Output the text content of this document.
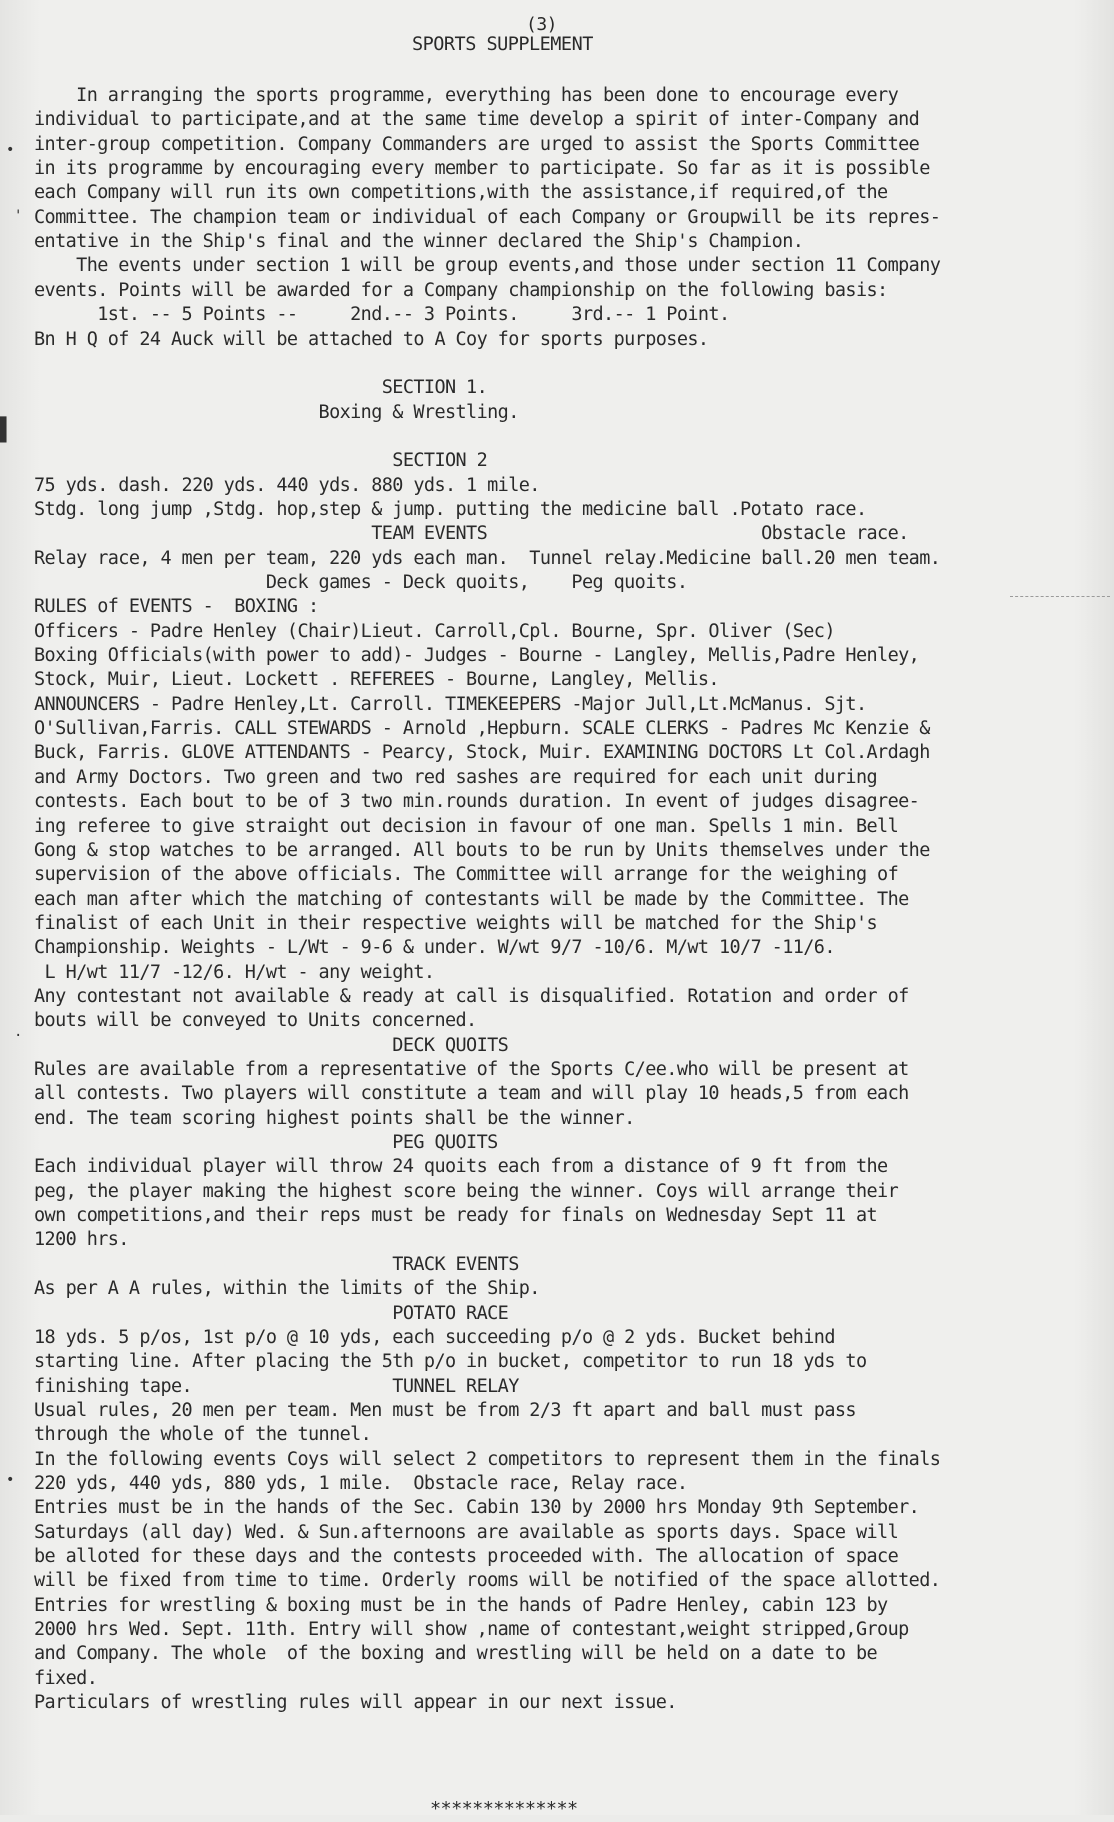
(3)
SPORTS SUPPLEMENT
In arranging the sports programme, everything has been done to encourage every
individual to participate,and at the same time develop a spirit of inter-Company and
inter-group competition. Company Commanders are urged to assist the Sports Committee
in its programme by encouraging every member to participate. So far as it is possible
each Company will run its own competitions,with the assistance,if required,of the
Committee. The champion team or individual of each Company or Groupwill be its repres-
entative in the Ship's final and the winner declared the Ship's Champion.
The events under section 1 will be group events,and those under section 11 Company
events. Points will be awarded for a Company championship on the following basis:
1st. -- 5 Points --     2nd.-- 3 Points.     3rd.-- 1 Point.
Bn H Q of 24 Auck will be attached to A Coy for sports purposes.
SECTION 1.
Boxing & Wrestling.
SECTION 2
75 yds. dash. 220 yds. 440 yds. 880 yds. 1 mile.
Stdg. long jump ,Stdg. hop,step & jump. putting the medicine ball .Potato race.
TEAM EVENTS                          Obstacle race.
Relay race, 4 men per team, 220 yds each man.  Tunnel relay.Medicine ball.20 men team.
Deck games - Deck quoits,    Peg quoits.
RULES of EVENTS -  BOXING :
Officers - Padre Henley (Chair)Lieut. Carroll,Cpl. Bourne, Spr. Oliver (Sec)
Boxing Officials(with power to add)- Judges - Bourne - Langley, Mellis,Padre Henley,
Stock, Muir, Lieut. Lockett . REFEREES - Bourne, Langley, Mellis.
ANNOUNCERS - Padre Henley,Lt. Carroll. TIMEKEEPERS -Major Jull,Lt.McManus. Sjt.
O'Sullivan,Farris. CALL STEWARDS - Arnold ,Hepburn. SCALE CLERKS - Padres Mc Kenzie &
Buck, Farris. GLOVE ATTENDANTS - Pearcy, Stock, Muir. EXAMINING DOCTORS Lt Col.Ardagh
and Army Doctors. Two green and two red sashes are required for each unit during
contests. Each bout to be of 3 two min.rounds duration. In event of judges disagree-
ing referee to give straight out decision in favour of one man. Spells 1 min. Bell
Gong & stop watches to be arranged. All bouts to be run by Units themselves under the
supervision of the above officials. The Committee will arrange for the weighing of
each man after which the matching of contestants will be made by the Committee. The
finalist of each Unit in their respective weights will be matched for the Ship's
Championship. Weights - L/Wt - 9-6 & under. W/wt 9/7 -10/6. M/wt 10/7 -11/6.
L H/wt 11/7 -12/6. H/wt - any weight.
Any contestant not available & ready at call is disqualified. Rotation and order of
bouts will be conveyed to Units concerned.
DECK QUOITS
Rules are available from a representative of the Sports C/ee.who will be present at
all contests. Two players will constitute a team and will play 10 heads,5 from each
end. The team scoring highest points shall be the winner.
PEG QUOITS
Each individual player will throw 24 quoits each from a distance of 9 ft from the
peg, the player making the highest score being the winner. Coys will arrange their
own competitions,and their reps must be ready for finals on Wednesday Sept 11 at
1200 hrs.
TRACK EVENTS
As per A A rules, within the limits of the Ship.
POTATO RACE
18 yds. 5 p/os, 1st p/o @ 10 yds, each succeeding p/o @ 2 yds. Bucket behind
starting line. After placing the 5th p/o in bucket, competitor to run 18 yds to
finishing tape.                   TUNNEL RELAY
Usual rules, 20 men per team. Men must be from 2/3 ft apart and ball must pass
through the whole of the tunnel.
In the following events Coys will select 2 competitors to represent them in the finals
220 yds, 440 yds, 880 yds, 1 mile.  Obstacle race, Relay race.
Entries must be in the hands of the Sec. Cabin 130 by 2000 hrs Monday 9th September.
Saturdays (all day) Wed. & Sun.afternoons are available as sports days. Space will
be alloted for these days and the contests proceeded with. The allocation of space
will be fixed from time to time. Orderly rooms will be notified of the space allotted.
Entries for wrestling & boxing must be in the hands of Padre Henley, cabin 123 by
2000 hrs Wed. Sept. 11th. Entry will show ,name of contestant,weight stripped,Group
and Company. The whole  of the boxing and wrestling will be held on a date to be
fixed.
Particulars of wrestling rules will appear in our next issue.
**************
•
'
▌
·
•
